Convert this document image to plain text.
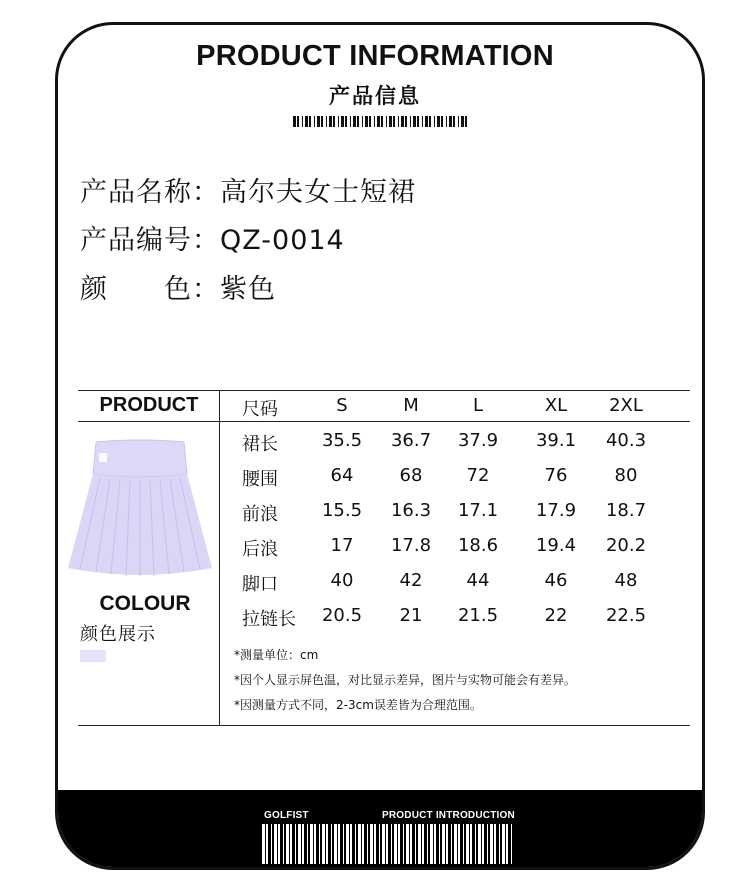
PRODUCT INFORMATION
产品信息
产品名称：高尔夫女士短裙
产品编号：QZ-0014
颜　　色：紫色
PRODUCT	尺码	S	M	L	XL	2XL
裙长	35.5	36.7	37.9	39.1	40.3
腰围	64	68	72	76	80
前浪	15.5	16.3	17.1	17.9	18.7
后浪	17	17.8	18.6	19.4	20.2
脚口	40	42	44	46	48
拉链长	20.5	21	21.5	22	22.5
COLOUR
颜色展示
*测量单位：cm
*因个人显示屏色温，对比显示差异，图片与实物可能会有差异。
*因测量方式不同，2-3cm误差皆为合理范围。
GOLFIST	PRODUCT INTRODUCTION
